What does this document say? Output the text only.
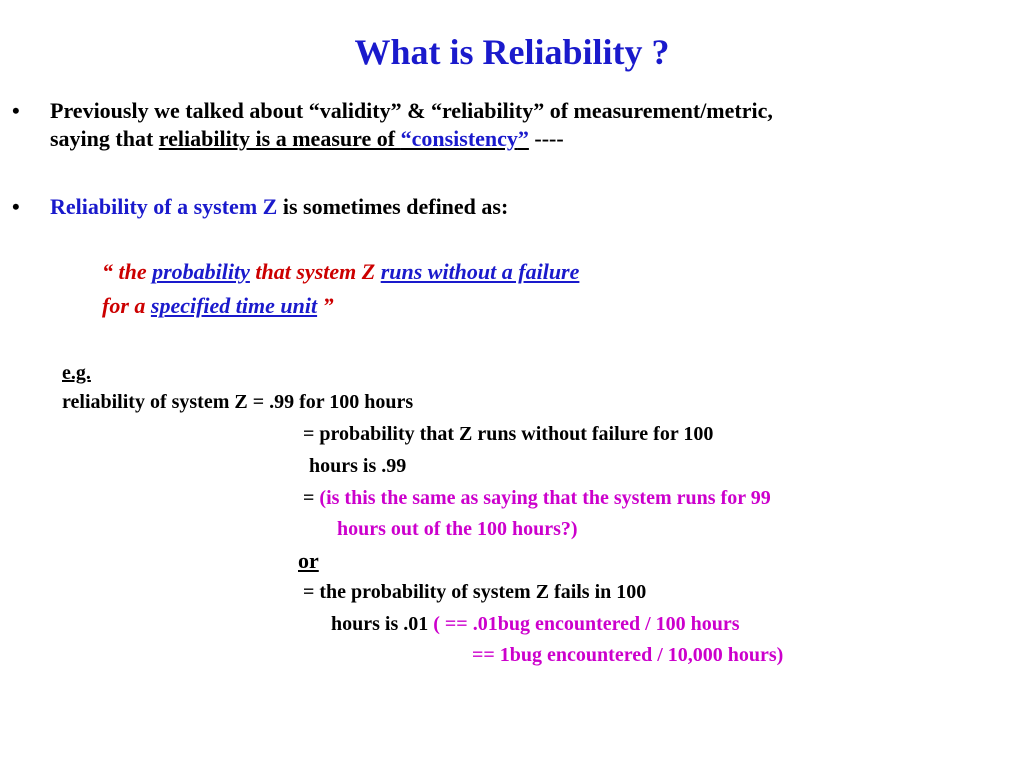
What is Reliability ?
• Previously we talked about “validity” & “reliability” of measurement/metric,
saying that reliability is a measure of “consistency” ----
• Reliability of a system Z is sometimes defined as:
“ the probability that system Z runs without a failure
for a specified time unit ”
e.g.
reliability of system Z = .99 for 100 hours
= probability that Z runs without failure for 100
hours is .99
= (is this the same as saying that the system runs for 99
hours out of the 100 hours?)
or
= the probability of system Z fails in 100
hours is .01 ( == .01bug encountered / 100 hours
== 1bug encountered / 10,000 hours)
